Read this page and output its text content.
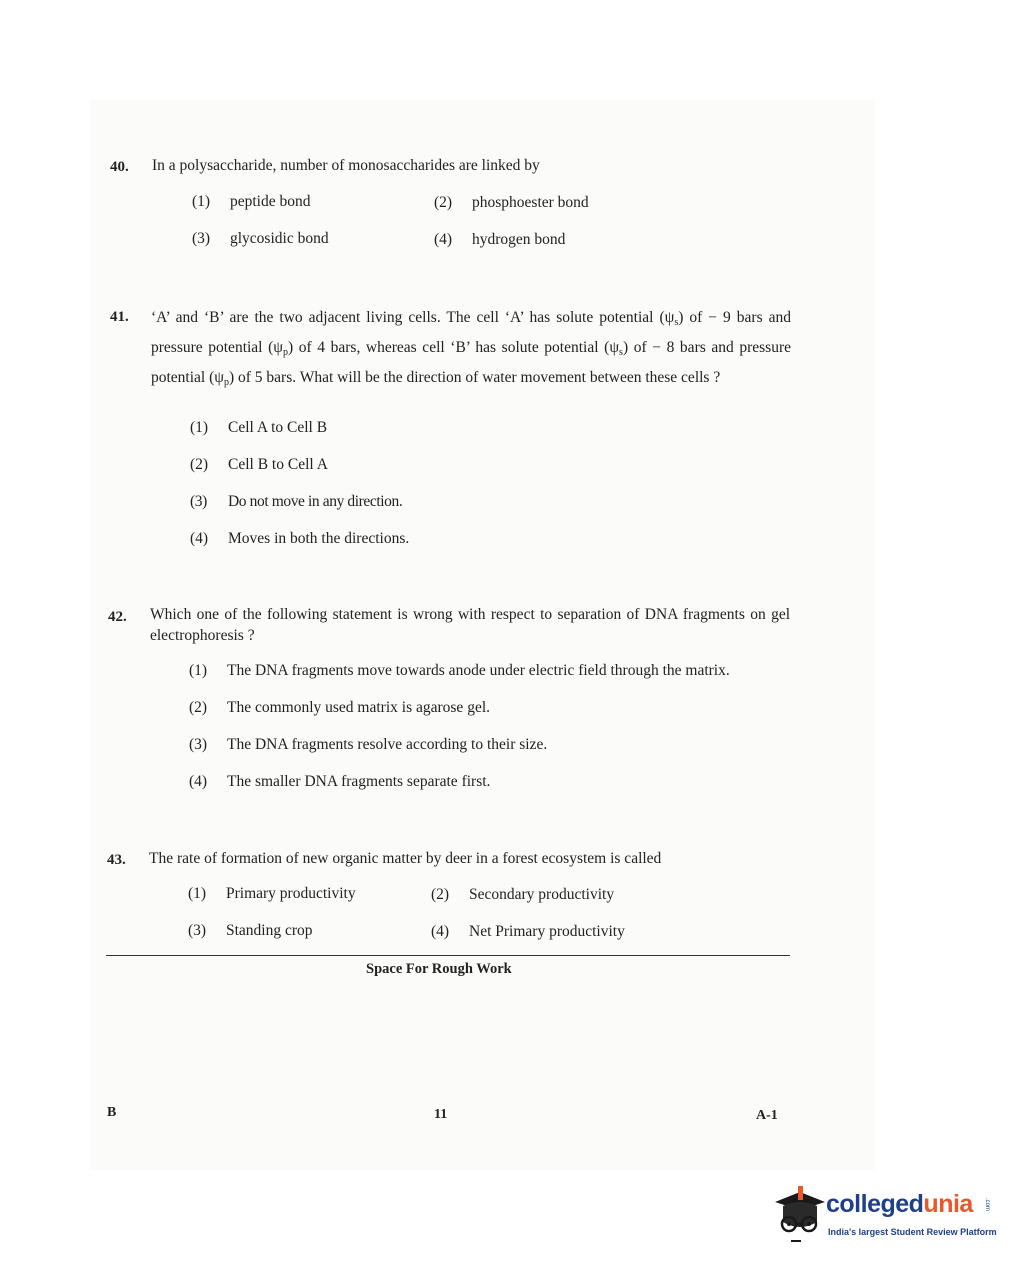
40. In a polysaccharide, number of monosaccharides are linked by
(1) peptide bond	(2) phosphoester bond
(3) glycosidic bond	(4) hydrogen bond
41. ‘A’ and ‘B’ are the two adjacent living cells. The cell ‘A’ has solute potential $(\psi_s)$ of − 9 bars and pressure potential $(\psi_p)$ of 4 bars, whereas cell ‘B’ has solute potential $(\psi_s)$ of − 8 bars and pressure potential $(\psi_p)$ of 5 bars. What will be the direction of water movement between these cells ?
(1) Cell A to Cell B
(2) Cell B to Cell A
(3) Do not move in any direction.
(4) Moves in both the directions.
42. Which one of the following statement is wrong with respect to separation of DNA fragments on gel electrophoresis ?
(1) The DNA fragments move towards anode under electric field through the matrix.
(2) The commonly used matrix is agarose gel.
(3) The DNA fragments resolve according to their size.
(4) The smaller DNA fragments separate first.
43. The rate of formation of new organic matter by deer in a forest ecosystem is called
(1) Primary productivity	(2) Secondary productivity
(3) Standing crop	(4) Net Primary productivity
Space For Rough Work
B	11	A-1
collegedunia .com
India's largest Student Review Platform
